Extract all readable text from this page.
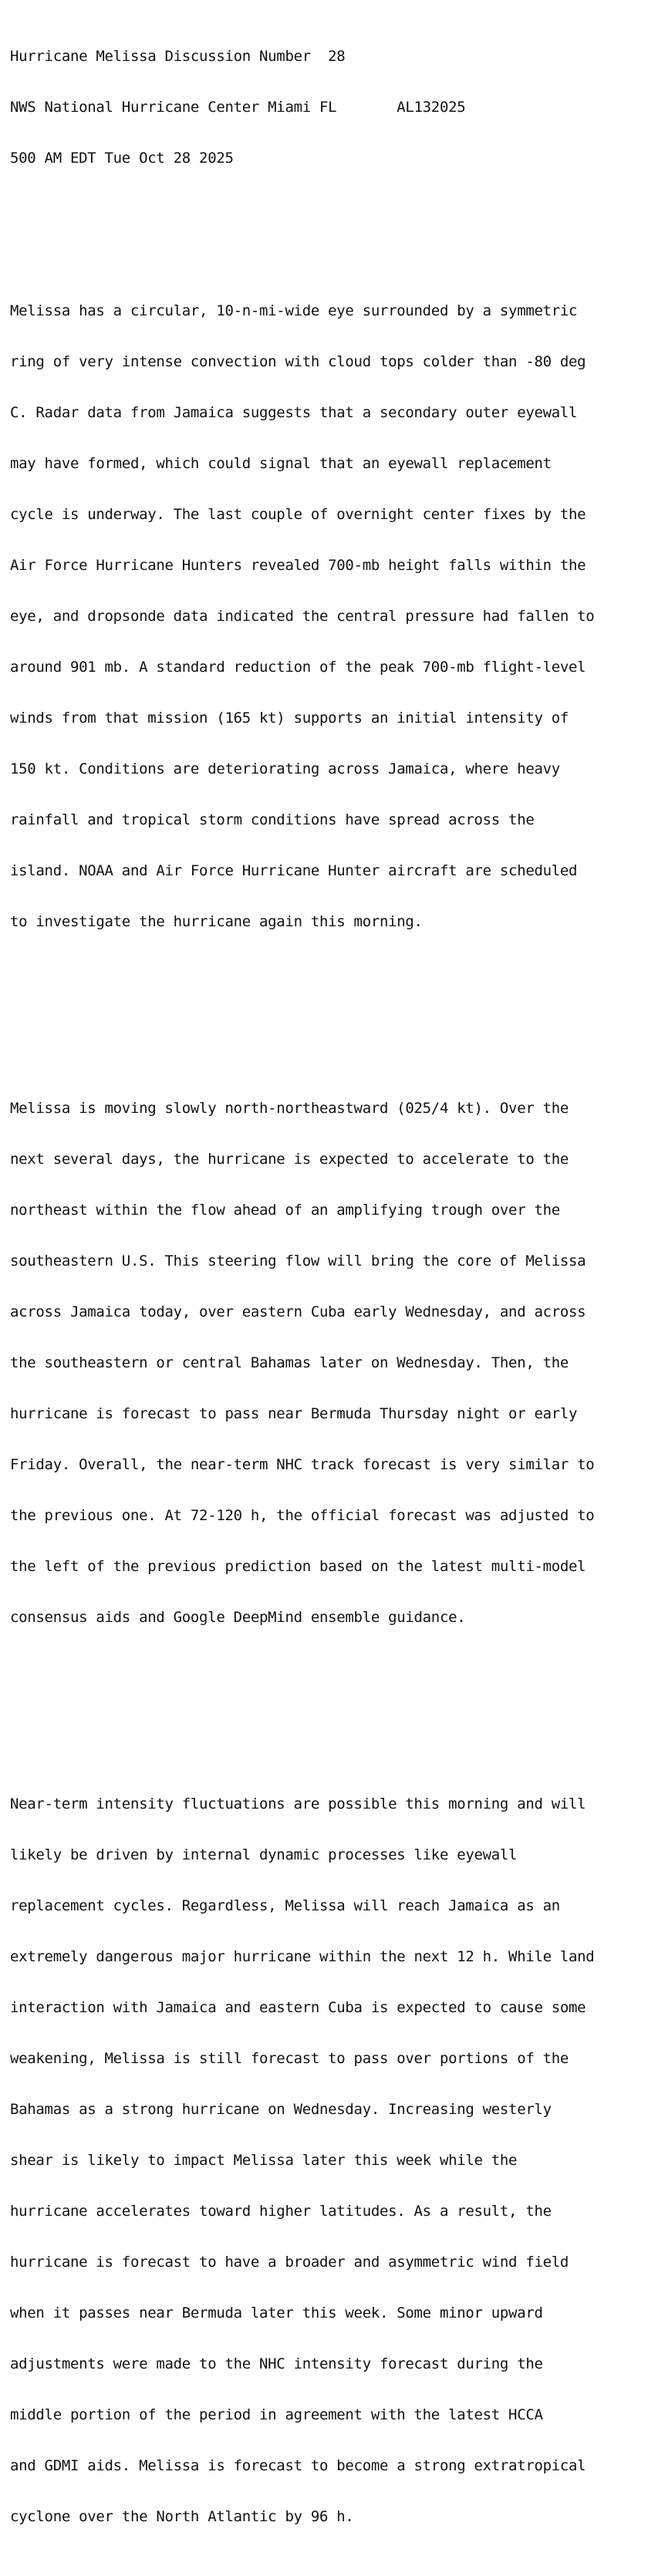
Hurricane Melissa Discussion Number  28

NWS National Hurricane Center Miami FL       AL132025

500 AM EDT Tue Oct 28 2025

Melissa has a circular, 10-n-mi-wide eye surrounded by a symmetric

ring of very intense convection with cloud tops colder than -80 deg

C. Radar data from Jamaica suggests that a secondary outer eyewall

may have formed, which could signal that an eyewall replacement

cycle is underway. The last couple of overnight center fixes by the

Air Force Hurricane Hunters revealed 700-mb height falls within the

eye, and dropsonde data indicated the central pressure had fallen to

around 901 mb. A standard reduction of the peak 700-mb flight-level

winds from that mission (165 kt) supports an initial intensity of

150 kt. Conditions are deteriorating across Jamaica, where heavy

rainfall and tropical storm conditions have spread across the

island. NOAA and Air Force Hurricane Hunter aircraft are scheduled

to investigate the hurricane again this morning.

Melissa is moving slowly north-northeastward (025/4 kt). Over the

next several days, the hurricane is expected to accelerate to the

northeast within the flow ahead of an amplifying trough over the

southeastern U.S. This steering flow will bring the core of Melissa

across Jamaica today, over eastern Cuba early Wednesday, and across

the southeastern or central Bahamas later on Wednesday. Then, the

hurricane is forecast to pass near Bermuda Thursday night or early

Friday. Overall, the near-term NHC track forecast is very similar to

the previous one. At 72-120 h, the official forecast was adjusted to

the left of the previous prediction based on the latest multi-model

consensus aids and Google DeepMind ensemble guidance.

Near-term intensity fluctuations are possible this morning and will

likely be driven by internal dynamic processes like eyewall

replacement cycles. Regardless, Melissa will reach Jamaica as an

extremely dangerous major hurricane within the next 12 h. While land

interaction with Jamaica and eastern Cuba is expected to cause some

weakening, Melissa is still forecast to pass over portions of the

Bahamas as a strong hurricane on Wednesday. Increasing westerly

shear is likely to impact Melissa later this week while the

hurricane accelerates toward higher latitudes. As a result, the

hurricane is forecast to have a broader and asymmetric wind field

when it passes near Bermuda later this week. Some minor upward

adjustments were made to the NHC intensity forecast during the

middle portion of the period in agreement with the latest HCCA

and GDMI aids. Melissa is forecast to become a strong extratropical

cyclone over the North Atlantic by 96 h.
